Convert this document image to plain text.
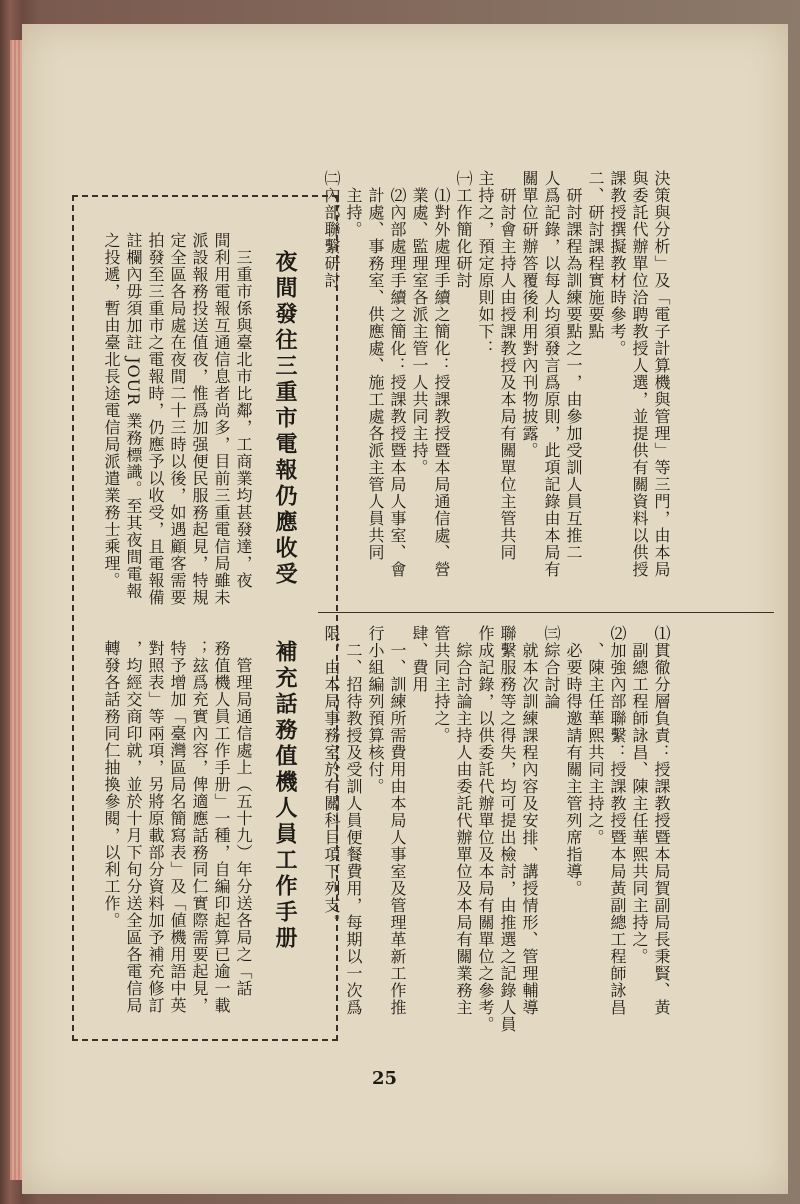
決策與分析」及「電子計算機與管理」等三門，由本局
與委託代辦單位洽聘教授人選，並提供有關資料以供授
課教授撰擬教材時參考。
二、研討課程實施要點
　研討課程為訓練要點之一，由參加受訓人員互推二
人爲記錄，以每人均須發言爲原則，此項記錄由本局有
關單位研辦答覆後利用對內刊物披露。
　研討會主持人由授課教授及本局有關單位主管共同
主持之，預定原則如下：
㈠工作簡化研討
　⑴對外處理手續之簡化：授課教授暨本局通信處、營
　業處、監理室各派主管一人共同主持。
　⑵內部處理手續之簡化：授課教授暨本局人事室、會
　計處、事務室、供應處、施工處各派主管人員共同
　主持。
㈡內部聯繫研討
⑴貫徹分層負責：授課教授暨本局賀副局長秉賢、黃
　副總工程師詠昌、陳主任華熙共同主持之。
⑵加強內部聯繫：授課教授暨本局黃副總工程師詠昌
　、陳主任華熙共同主持之。
　必要時得邀請有關主管列席指導。
㈢綜合討論
　就本次訓練課程內容及安排、講授情形、管理輔導
聯繫服務等之得失，均可提出檢討，由推選之記錄人員
作成記錄，以供委託代辦單位及本局有關單位之參考。
　綜合討論主持人由委託代辦單位及本局有關業務主
管共同主持之。
肆、費用
　一、訓練所需費用由本局人事室及管理革新工作推
行小組編列預算核付。
　二、招待教授及受訓人員便餐費用，每期以一次爲
限，由本局事務室於有關科目項下列支。
夜間發往三重市電報仍應收受
　三重市係與臺北市比鄰，工商業均甚發達，夜
間利用電報互通信息者尚多，目前三重電信局雖未
派設報務投送值夜，惟爲加强便民服務起見，特規
定全區各局處在夜間二十三時以後，如遇顧客需要
拍發至三重市之電報時，仍應予以收受，且電報備
註欄內毋須加註 JOUR 業務標識。至其夜間電報
之投遞，暫由臺北長途電信局派遣業務士乘理。
補充話務值機人員工作手册
　管理局通信處上（五十九）年分送各局之「話
務值機人員工作手册」一種，自編印起算已逾一載
；玆爲充實內容，俾適應話務同仁實際需要起見，
特予增加「臺灣區局名簡寫表」及「値機用語中英
對照表」等兩項，另將原載部分資料加予補充修訂
，均經交商印就，並於十月下旬分送全區各電信局
轉發各話務同仁抽換參閱，以利工作。
25
